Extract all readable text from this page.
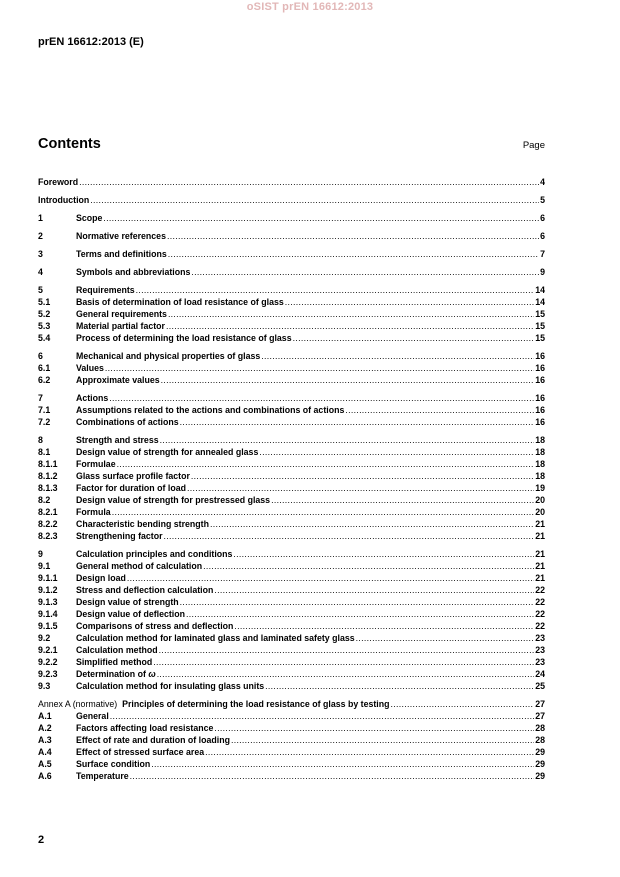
oSIST prEN 16612:2013
prEN 16612:2013 (E)
Contents	Page
Foreword .....	4
Introduction .....	5
1	Scope .....	6
2	Normative references .....	6
3	Terms and definitions .....	7
4	Symbols and abbreviations .....	9
5	Requirements .....	14
5.1	Basis of determination of load resistance of glass .....	14
5.2	General requirements .....	15
5.3	Material partial factor .....	15
5.4	Process of determining the load resistance of glass .....	15
6	Mechanical and physical properties of glass .....	16
6.1	Values .....	16
6.2	Approximate values .....	16
7	Actions .....	16
7.1	Assumptions related to the actions and combinations of actions .....	16
7.2	Combinations of actions .....	16
8	Strength and stress .....	18
8.1	Design value of strength for annealed glass .....	18
8.1.1	Formulae .....	18
8.1.2	Glass surface profile factor .....	18
8.1.3	Factor for duration of load .....	19
8.2	Design value of strength for prestressed glass .....	20
8.2.1	Formula .....	20
8.2.2	Characteristic bending strength .....	21
8.2.3	Strengthening factor .....	21
9	Calculation principles and conditions .....	21
9.1	General method of calculation .....	21
9.1.1	Design load .....	21
9.1.2	Stress and deflection calculation .....	22
9.1.3	Design value of strength .....	22
9.1.4	Design value of deflection .....	22
9.1.5	Comparisons of stress and deflection .....	22
9.2	Calculation method for laminated glass and laminated safety glass .....	23
9.2.1	Calculation method .....	23
9.2.2	Simplified method .....	23
9.2.3	Determination of ω .....	24
9.3	Calculation method for insulating glass units .....	25
Annex A (normative) Principles of determining the load resistance of glass by testing .....	27
A.1	General .....	27
A.2	Factors affecting load resistance .....	28
A.3	Effect of rate and duration of loading .....	28
A.4	Effect of stressed surface area .....	29
A.5	Surface condition .....	29
A.6	Temperature .....	29
2
